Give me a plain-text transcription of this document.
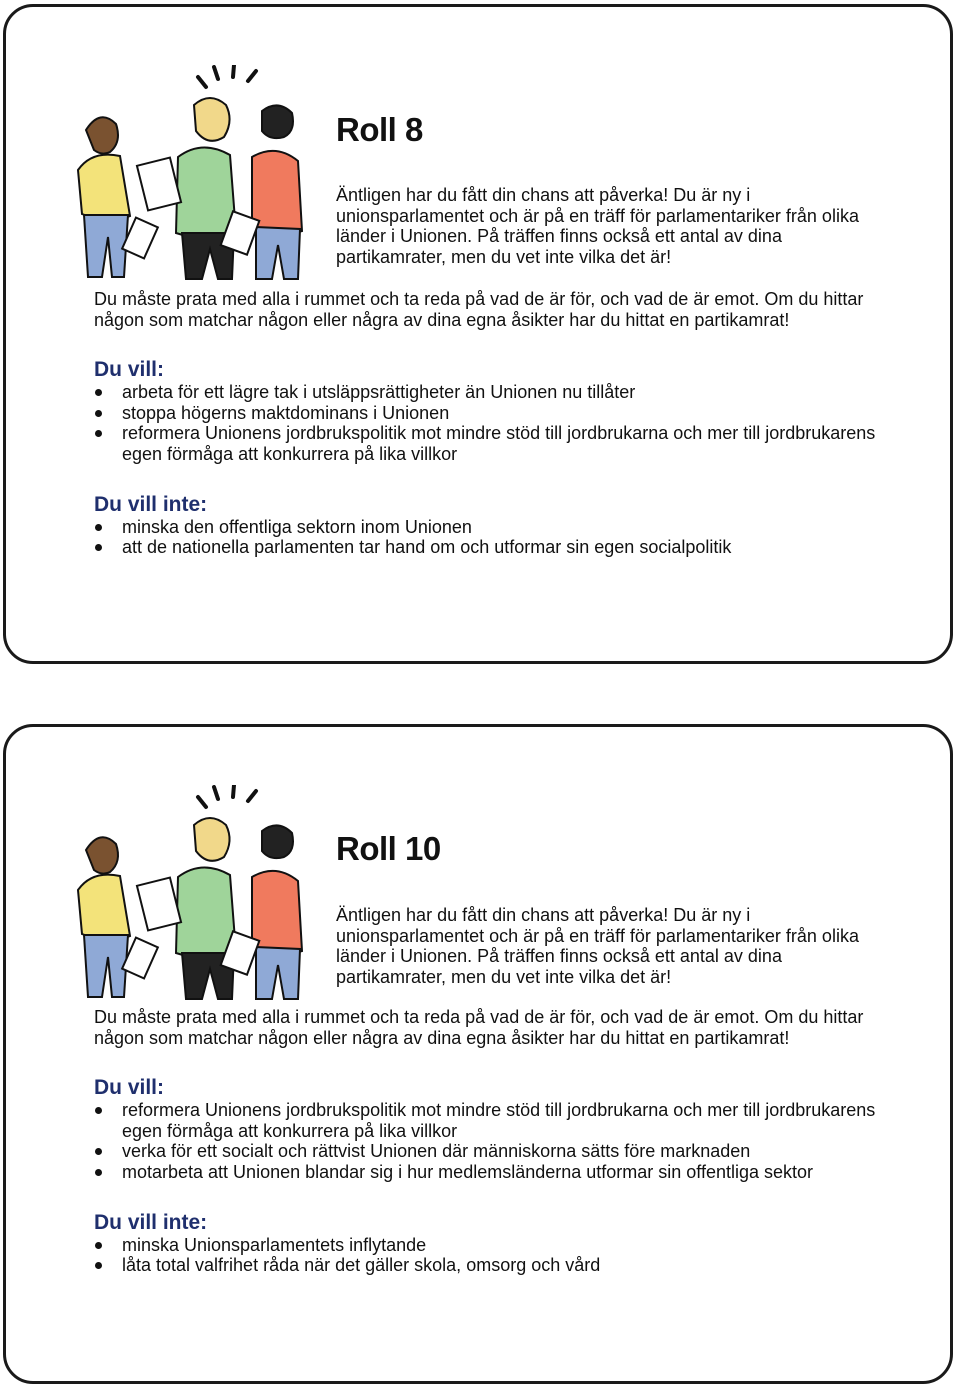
Roll 8
Äntligen har du fått din chans att påverka! Du är ny i unionsparlamentet och är på en träff för parlamentariker från olika länder i Unionen. På träffen finns också ett antal av dina partikamrater, men du vet inte vilka det är!
Du måste prata med alla i rummet och ta reda på vad de är för, och vad de är emot. Om du hittar någon som matchar någon eller några av dina egna åsikter har du hittat en partikamrat!
Du vill:
arbeta för ett lägre tak i utsläppsrättigheter än Unionen nu tillåter
stoppa högerns maktdominans i Unionen
reformera Unionens jordbrukspolitik mot mindre stöd till jordbrukarna och mer till jordbrukarens egen förmåga att konkurrera på lika villkor
Du vill inte:
minska den offentliga sektorn inom Unionen
att de nationella parlamenten tar hand om och utformar sin egen socialpolitik
Roll 10
Äntligen har du fått din chans att påverka! Du är ny i unionsparlamentet och är på en träff för parlamentariker från olika länder i Unionen. På träffen finns också ett antal av dina partikamrater, men du vet inte vilka det är!
Du måste prata med alla i rummet och ta reda på vad de är för, och vad de är emot. Om du hittar någon som matchar någon eller några av dina egna åsikter har du hittat en partikamrat!
Du vill:
reformera Unionens jordbrukspolitik mot mindre stöd till jordbrukarna och mer till jordbrukarens egen förmåga att konkurrera på lika villkor
verka för ett socialt och rättvist Unionen där människorna sätts före marknaden
motarbeta att Unionen blandar sig i hur medlemsländerna utformar sin offentliga sektor
Du vill inte:
minska Unionsparlamentets inflytande
låta total valfrihet råda när det gäller skola, omsorg och vård
